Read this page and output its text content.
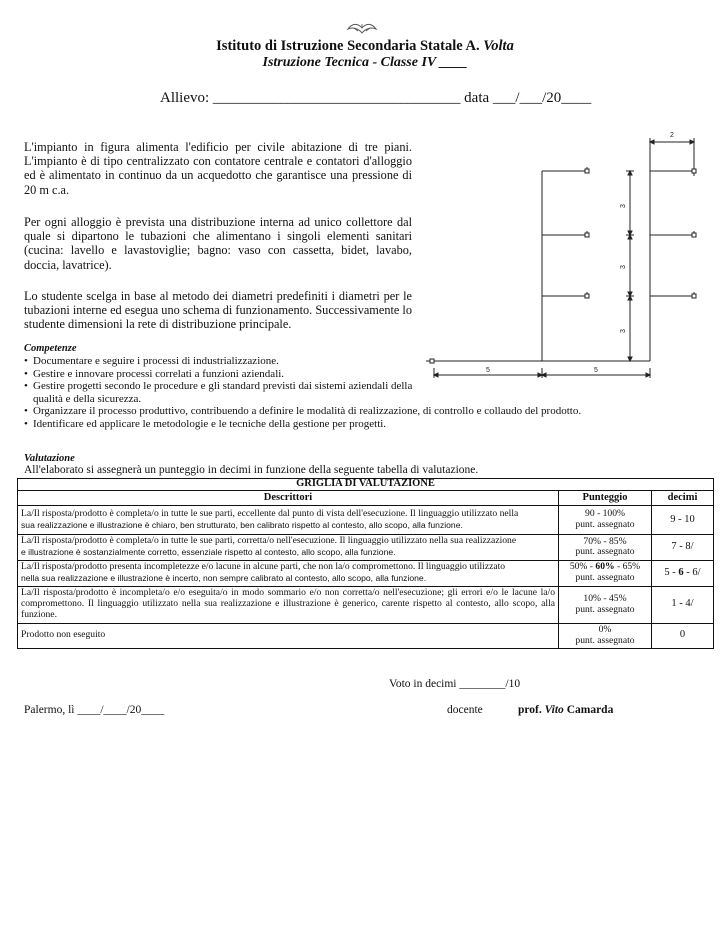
Istituto di Istruzione Secondaria Statale A. Volta
Istruzione Tecnica - Classe IV ____
Allievo: _________________________________ data ___/___/20____
L'impianto in figura alimenta l'edificio per civile abitazione di tre piani. L'impianto è di tipo centralizzato con contatore centrale e contatori d'alloggio ed è alimentato in continuo da un acquedotto che garantisce una pressione di 20 m c.a.
Per ogni alloggio è prevista una distribuzione interna ad unico collettore dal quale si dipartono le tubazioni che alimentano i singoli elementi sanitari (cucina: lavello e lavastoviglie; bagno: vaso con cassetta, bidet, lavabo, doccia, lavatrice).
Lo studente scelga in base al metodo dei diametri predefiniti i diametri per le tubazioni interne ed esegua uno schema di funzionamento. Successivamente lo studente dimensioni la rete di distribuzione principale.
2
3
3
3
5	5
Competenze
• Documentare e seguire i processi di industrializzazione.
• Gestire e innovare processi correlati a funzioni aziendali.
• Gestire progetti secondo le procedure e gli standard previsti dai sistemi aziendali della qualità e della sicurezza.
• Organizzare il processo produttivo, contribuendo a definire le modalità di realizzazione, di controllo e collaudo del prodotto.
• Identificare ed applicare le metodologie e le tecniche della gestione per progetti.
Valutazione
All'elaborato si assegnerà un punteggio in decimi in funzione della seguente tabella di valutazione.
GRIGLIA DI VALUTAZIONE		
Descrittori	Punteggio	decimi
La/Il risposta/prodotto è completa/o in tutte le sue parti, eccellente dal punto di vista dell'esecuzione. Il linguaggio utilizzato nella
sua realizzazione e illustrazione è chiaro, ben strutturato, ben calibrato rispetto al contesto, allo scopo, alla funzione.	90 - 100%
punt. assegnato	9 - 10
La/Il risposta/prodotto è completa/o in tutte le sue parti, corretta/o nell'esecuzione. Il linguaggio utilizzato nella sua realizzazione
e illustrazione è sostanzialmente corretto, essenziale rispetto al contesto, allo scopo, alla funzione.	70% - 85%
punt. assegnato	7 - 8/
La/Il risposta/prodotto presenta incompletezze e/o lacune in alcune parti, che non la/o compromettono. Il linguaggio utilizzato
nella sua realizzazione e illustrazione è incerto, non sempre calibrato al contesto, allo scopo, alla funzione.	50% - 60% - 65%
punt. assegnato	5 - 6 - 6/
La/Il risposta/prodotto è incompleta/o e/o eseguita/o in modo sommario e/o non corretta/o nell'esecuzione; gli errori e/o le lacune la/o compromettono. Il linguaggio utilizzato nella sua realizzazione e illustrazione è generico, carente rispetto al contesto, allo scopo, alla funzione.	10% - 45%
punt. assegnato	1 - 4/
Prodotto non eseguito	0%
punt. assegnato	0
Voto in decimi ________/10
Palermo, lì ____/____/20____	docente	prof. Vito Camarda
